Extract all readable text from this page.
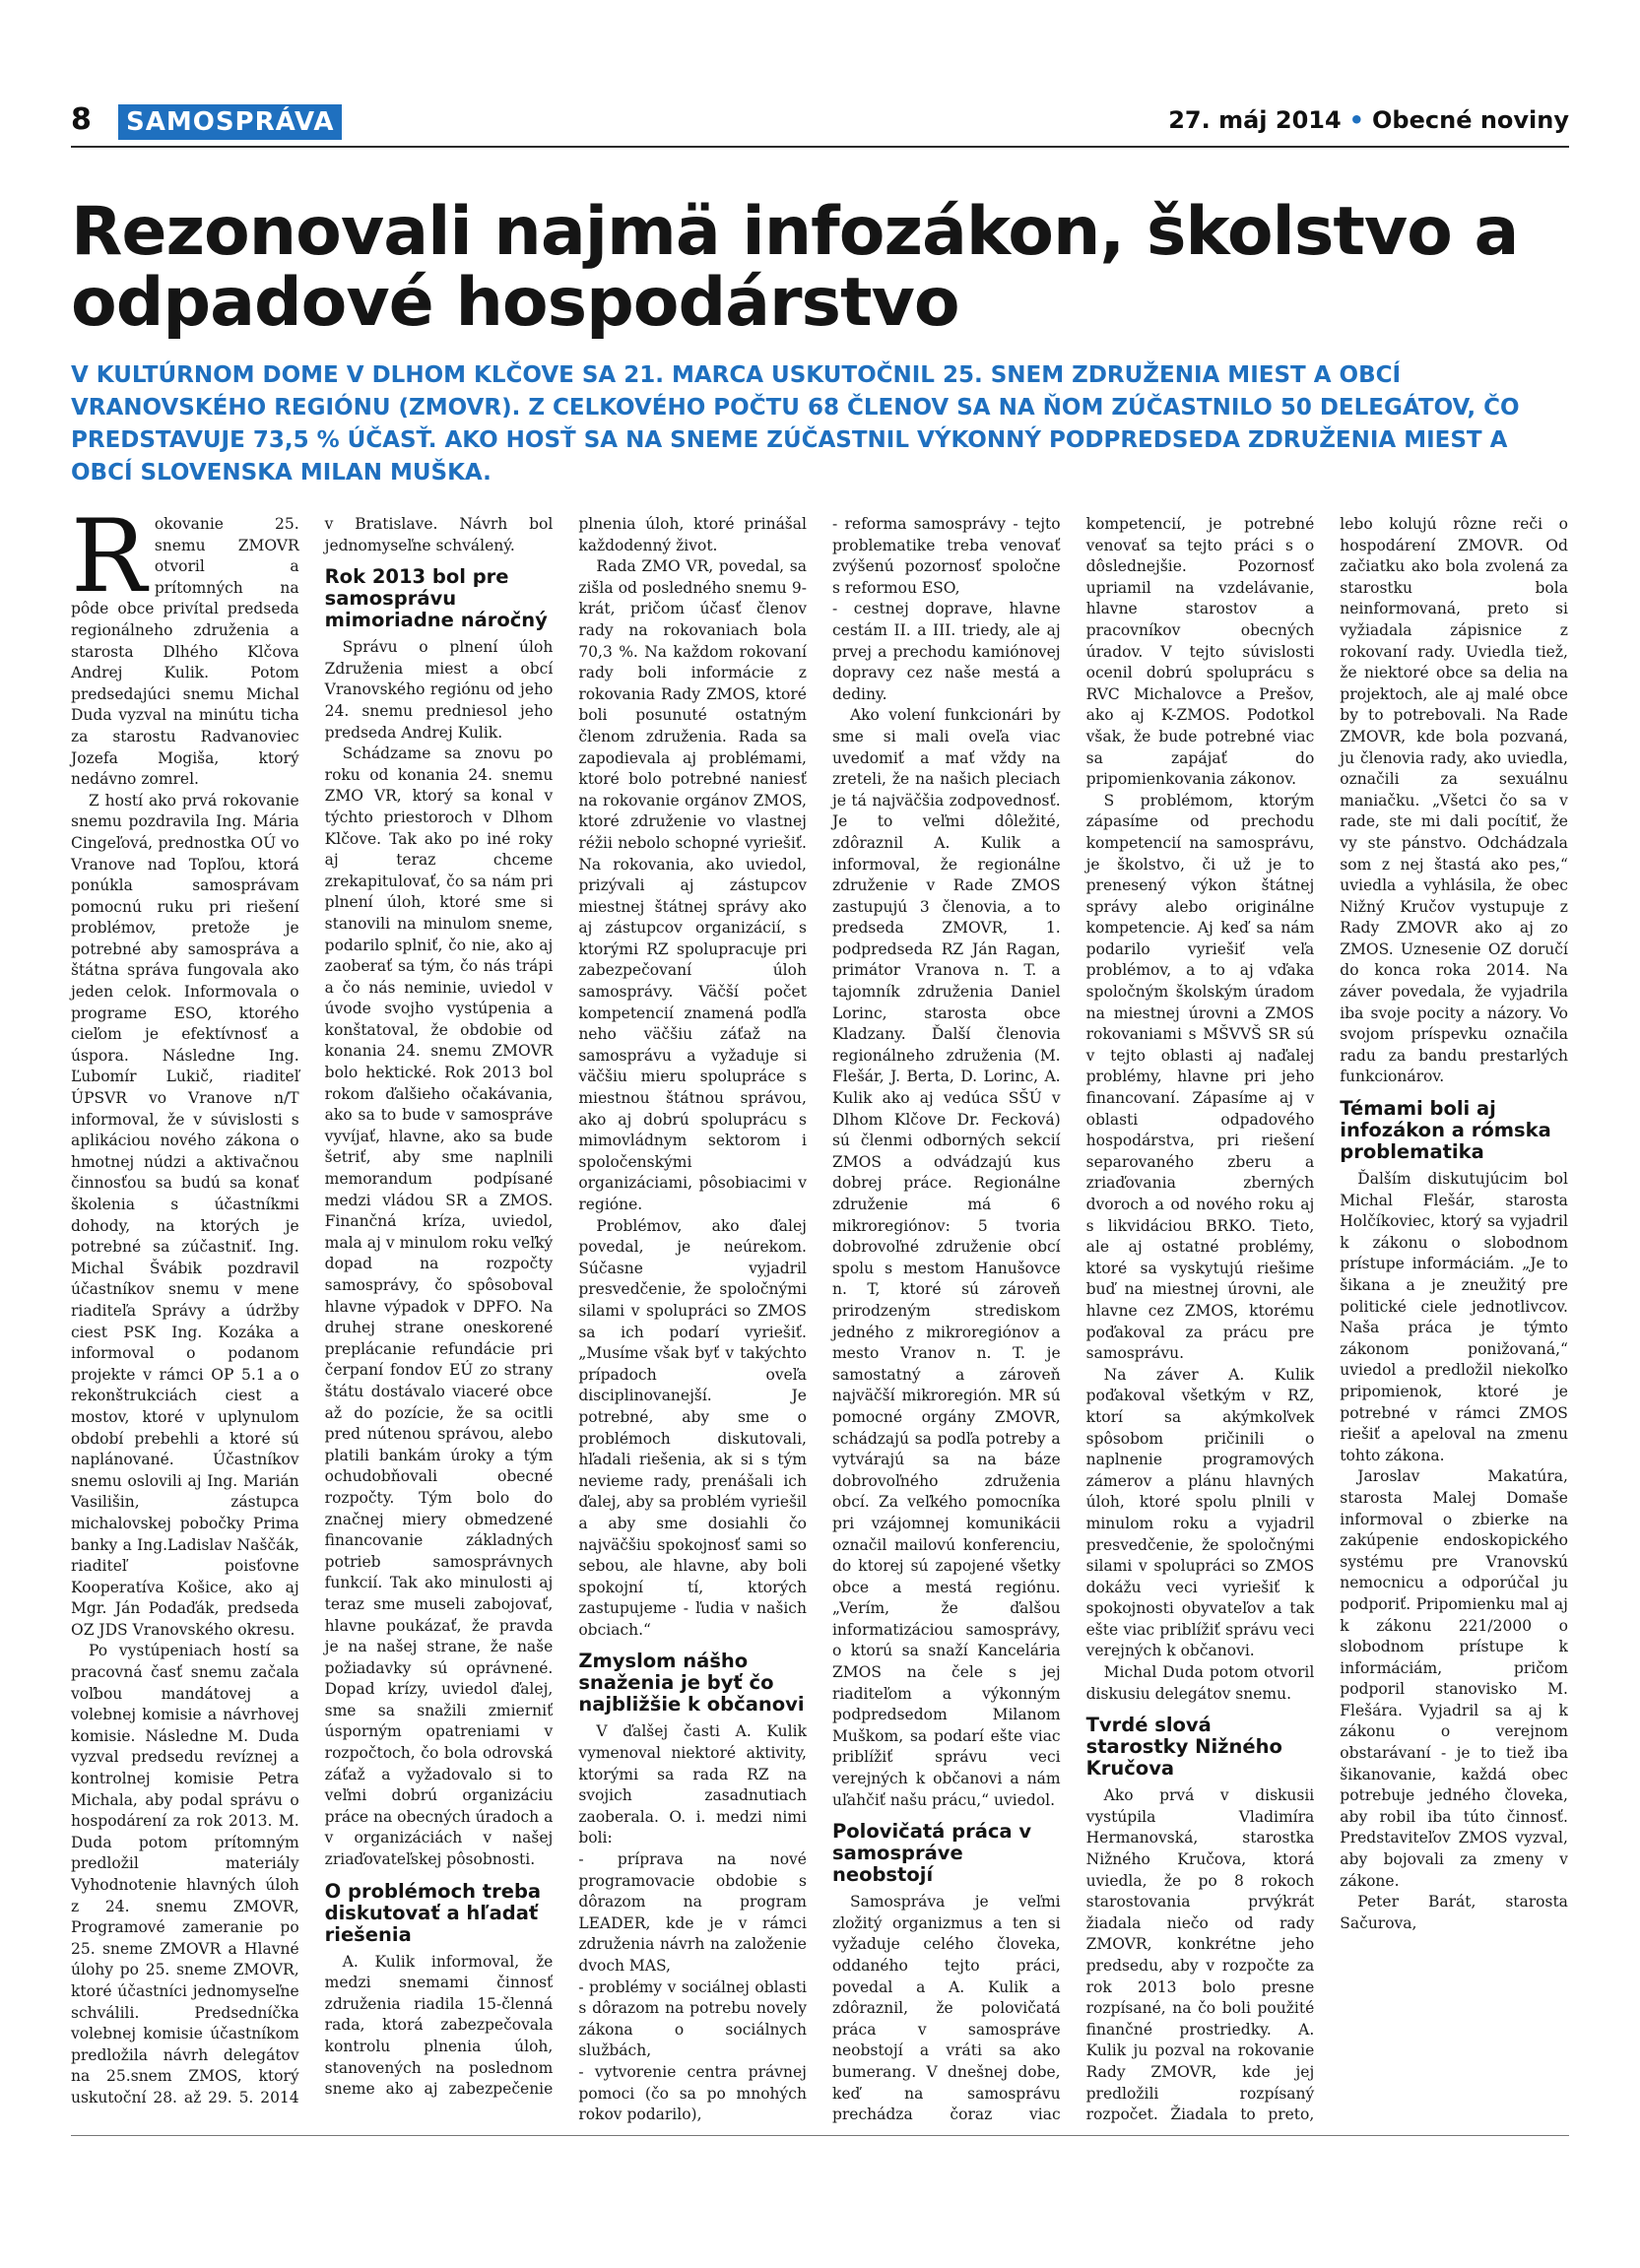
8	SAMOSPRÁVA	27. máj 2014 • Obecné noviny
Rezonovali najmä infozákon, školstvo a odpadové hospodárstvo

V KULTÚRNOM DOME V DLHOM KLČOVE SA 21. MARCA USKUTOČNIL 25. SNEM ZDRUŽENIA MIEST A OBCÍ VRANOVSKÉHO REGIÓNU (ZMOVR). Z CELKOVÉHO POČTU 68 ČLENOV SA NA ŇOM ZÚČASTNILO 50 DELEGÁTOV, ČO PREDSTAVUJE 73,5 % ÚČASŤ. AKO HOSŤ SA NA SNEME ZÚČASTNIL VÝKONNÝ PODPREDSEDA ZDRUŽENIA MIEST A OBCÍ SLOVENSKA MILAN MUŠKA.

Rokovanie 25. snemu ZMOVR otvoril a prítomných na pôde obce privítal predseda regionálneho združenia a starosta Dlhého Klčova Andrej Kulik. Potom predsedajúci snemu Michal Duda vyzval na minútu ticha za starostu Radvanoviec Jozefa Mogiša, ktorý nedávno zomrel.

Z hostí ako prvá rokovanie snemu pozdravila Ing. Mária Cingeľová, prednostka OÚ vo Vranove nad Topľou, ktorá ponúkla samosprávam pomocnú ruku pri riešení problémov, pretože je potrebné aby samospráva a štátna správa fungovala ako jeden celok. Informovala o programe ESO, ktorého cieľom je efektívnosť a úspora. Následne Ing. Ľubomír Lukič, riaditeľ ÚPSVR vo Vranove n/T informoval, že v súvislosti s aplikáciou nového zákona o hmotnej núdzi a aktivačnou činnosťou sa budú sa konať školenia s účastníkmi dohody, na ktorých je potrebné sa zúčastniť. Ing. Michal Švábik pozdravil účastníkov snemu v mene riaditeľa Správy a údržby ciest PSK Ing. Kozáka a informoval o podanom projekte v rámci OP 5.1 a o rekonštrukciách ciest a mostov, ktoré v uplynulom období prebehli a ktoré sú naplánované. Účastníkov snemu oslovili aj Ing. Marián Vasilišin, zástupca michalovskej pobočky Prima banky a Ing.Ladislav Naščák, riaditeľ poisťovne Kooperatíva Košice, ako aj Mgr. Ján Podaďák, predseda OZ JDS Vranovského okresu.

Po vystúpeniach hostí sa pracovná časť snemu začala voľbou mandátovej a volebnej komisie a návrhovej komisie. Následne M. Duda vyzval predsedu revíznej a kontrolnej komisie Petra Michala, aby podal správu o hospodárení za rok 2013. M. Duda potom prítomným predložil materiály Vyhodnotenie hlavných úloh z 24. snemu ZMOVR, Programové zameranie po 25. sneme ZMOVR a Hlavné úlohy po 25. sneme ZMOVR, ktoré účastníci jednomyseľne schválili. Predsedníčka volebnej komisie účastníkom predložila návrh delegátov na 25.snem ZMOS, ktorý uskutoční 28. až 29. 5. 2014 v Bratislave. Návrh bol jednomyseľne schválený.

Rok 2013 bol pre samosprávu mimoriadne náročný

Správu o plnení úloh Združenia miest a obcí Vranovského regiónu od jeho 24. snemu predniesol jeho predseda Andrej Kulik.

Schádzame sa znovu po roku od konania 24. snemu ZMO VR, ktorý sa konal v týchto priestoroch v Dlhom Klčove. Tak ako po iné roky aj teraz chceme zrekapitulovať, čo sa nám pri plnení úloh, ktoré sme si stanovili na minulom sneme, podarilo splniť, čo nie, ako aj zaoberať sa tým, čo nás trápi a čo nás neminie, uviedol v úvode svojho vystúpenia a konštatoval, že obdobie od konania 24. snemu ZMOVR bolo hektické. Rok 2013 bol rokom ďalšieho očakávania, ako sa to bude v samospráve vyvíjať, hlavne, ako sa bude šetriť, aby sme naplnili memorandum podpísané medzi vládou SR a ZMOS. Finančná kríza, uviedol, mala aj v minulom roku veľký dopad na rozpočty samosprávy, čo spôsoboval hlavne výpadok v DPFO. Na druhej strane oneskorené preplácanie refundácie pri čerpaní fondov EÚ zo strany štátu dostávalo viaceré obce až do pozície, že sa ocitli pred nútenou správou, alebo platili bankám úroky a tým ochudobňovali obecné rozpočty. Tým bolo do značnej miery obmedzené financovanie základných potrieb samosprávnych funkcií. Tak ako minulosti aj teraz sme museli zabojovať, hlavne poukázať, že pravda je na našej strane, že naše požiadavky sú oprávnené. Dopad krízy, uviedol ďalej, sme sa snažili zmierniť úsporným opatreniami v rozpočtoch, čo bola odrovská záťaž a vyžadovalo si to veľmi dobrú organizáciu práce na obecných úradoch a v organizáciách v našej zriaďovateľskej pôsobnosti.

O problémoch treba diskutovať a hľadať riešenia

A. Kulik informoval, že medzi snemami činnosť združenia riadila 15-členná rada, ktorá zabezpečovala kontrolu plnenia úloh, stanovených na poslednom sneme ako aj zabezpečenie plnenia úloh, ktoré prinášal každodenný život.

Rada ZMO VR, povedal, sa zišla od posledného snemu 9-krát, pričom účasť členov rady na rokovaniach bola 70,3 %. Na každom rokovaní rady boli informácie z rokovania Rady ZMOS, ktoré boli posunuté ostatným členom združenia. Rada sa zapodievala aj problémami, ktoré bolo potrebné naniesť na rokovanie orgánov ZMOS, ktoré združenie vo vlastnej réžii nebolo schopné vyriešiť. Na rokovania, ako uviedol, prizývali aj zástupcov miestnej štátnej správy ako aj zástupcov organizácií, s ktorými RZ spolupracuje pri zabezpečovaní úloh samosprávy. Väčší počet kompetencií znamená podľa neho väčšiu záťaž na samosprávu a vyžaduje si väčšiu mieru spolupráce s miestnou štátnou správou, ako aj dobrú spoluprácu s mimovládnym sektorom i spoločenskými organizáciami, pôsobiacimi v regióne.

Problémov, ako ďalej povedal, je neúrekom. Súčasne vyjadril presvedčenie, že spoločnými silami v spolupráci so ZMOS sa ich podarí vyriešiť. „Musíme však byť v takýchto prípadoch oveľa disciplinovanejší. Je potrebné, aby sme o problémoch diskutovali, hľadali riešenia, ak si s tým nevieme rady, prenášali ich ďalej, aby sa problém vyriešil a aby sme dosiahli čo najväčšiu spokojnosť sami so sebou, ale hlavne, aby boli spokojní tí, ktorých zastupujeme - ľudia v našich obciach.“

Zmyslom nášho snaženia je byť čo najbližšie k občanovi

V ďalšej časti A. Kulik vymenoval niektoré aktivity, ktorými sa rada RZ na svojich zasadnutiach zaoberala. O. i. medzi nimi boli:

- príprava na nové programovacie obdobie s dôrazom na program LEADER, kde je v rámci združenia návrh na založenie dvoch MAS,

- problémy v sociálnej oblasti s dôrazom na potrebu novely zákona o sociálnych službách,

- vytvorenie centra právnej pomoci (čo sa po mnohých rokov podarilo),

- reforma samosprávy - tejto problematike treba venovať zvýšenú pozornosť spoločne s reformou ESO,

- cestnej doprave, hlavne cestám II. a III. triedy, ale aj prvej a prechodu kamiónovej dopravy cez naše mestá a dediny.

Ako volení funkcionári by sme si mali oveľa viac uvedomiť a mať vždy na zreteli, že na našich pleciach je tá najväčšia zodpovednosť. Je to veľmi dôležité, zdôraznil A. Kulik a informoval, že regionálne združenie v Rade ZMOS zastupujú 3 členovia, a to predseda ZMOVR, 1. podpredseda RZ Ján Ragan, primátor Vranova n. T. a tajomník združenia Daniel Lorinc, starosta obce Kladzany. Ďalší členovia regionálneho združenia (M. Flešár, J. Berta, D. Lorinc, A. Kulik ako aj vedúca SŠÚ v Dlhom Klčove Dr. Fecková) sú členmi odborných sekcií ZMOS a odvádzajú kus dobrej práce. Regionálne združenie má 6 mikroregiónov: 5 tvoria dobrovoľné združenie obcí spolu s mestom Hanušovce n. T, ktoré sú zároveň prirodzeným strediskom jedného z mikroregiónov a mesto Vranov n. T. je samostatný a zároveň najväčší mikroregión. MR sú pomocné orgány ZMOVR, schádzajú sa podľa potreby a vytvárajú sa na báze dobrovoľného združenia obcí. Za veľkého pomocníka pri vzájomnej komunikácii označil mailovú konferenciu, do ktorej sú zapojené všetky obce a mestá regiónu. „Verím, že ďalšou informatizáciou samosprávy, o ktorú sa snaží Kancelária ZMOS na čele s jej riaditeľom a výkonným podpredsedom Milanom Muškom, sa podarí ešte viac priblížiť správu veci verejných k občanovi a nám uľahčiť našu prácu,“ uviedol.

Polovičatá práca v samospráve neobstojí

Samospráva je veľmi zložitý organizmus a ten si vyžaduje celého človeka, oddaného tejto práci, povedal a A. Kulik a zdôraznil, že polovičatá práca v samospráve neobstojí a vráti sa ako bumerang. V dnešnej dobe, keď na samosprávu prechádza čoraz viac kompetencií, je potrebné venovať sa tejto práci s o dôslednejšie. Pozornosť upriamil na vzdelávanie, hlavne starostov a pracovníkov obecných úradov. V tejto súvislosti ocenil dobrú spoluprácu s RVC Michalovce a Prešov, ako aj K-ZMOS. Podotkol však, že bude potrebné viac sa zapájať do pripomienkovania zákonov.

S problémom, ktorým zápasíme od prechodu kompetencií na samosprávu, je školstvo, či už je to prenesený výkon štátnej správy alebo originálne kompetencie. Aj keď sa nám podarilo vyriešiť veľa problémov, a to aj vďaka spoločným školským úradom na miestnej úrovni a ZMOS rokovaniami s MŠVVŠ SR sú v tejto oblasti aj naďalej problémy, hlavne pri jeho financovaní. Zápasíme aj v oblasti odpadového hospodárstva, pri riešení separovaného zberu a zriaďovania zberných dvoroch a od nového roku aj s likvidáciou BRKO. Tieto, ale aj ostatné problémy, ktoré sa vyskytujú riešime buď na miestnej úrovni, ale hlavne cez ZMOS, ktorému poďakoval za prácu pre samosprávu.

Na záver A. Kulik poďakoval všetkým v RZ, ktorí sa akýmkoľvek spôsobom pričinili o naplnenie programových zámerov a plánu hlavných úloh, ktoré spolu plnili v minulom roku a vyjadril presvedčenie, že spoločnými silami v spolupráci so ZMOS dokážu veci vyriešiť k spokojnosti obyvateľov a tak ešte viac priblížiť správu veci verejných k občanovi.

Michal Duda potom otvoril diskusiu delegátov snemu.

Tvrdé slová starostky Nižného Kručova

Ako prvá v diskusii vystúpila Vladimíra Hermanovská, starostka Nižného Kručova, ktorá uviedla, že po 8 rokoch starostovania prvýkrát žiadala niečo od rady ZMOVR, konkrétne jeho predsedu, aby v rozpočte za rok 2013 bolo presne rozpísané, na čo boli použité finančné prostriedky. A. Kulik ju pozval na rokovanie Rady ZMOVR, kde jej predložili rozpísaný rozpočet. Žiadala to preto, lebo kolujú rôzne reči o hospodárení ZMOVR. Od začiatku ako bola zvolená za starostku bola neinformovaná, preto si vyžiadala zápisnice z rokovaní rady. Uviedla tiež, že niektoré obce sa delia na projektoch, ale aj malé obce by to potrebovali. Na Rade ZMOVR, kde bola pozvaná, ju členovia rady, ako uviedla, označili za sexuálnu maniačku. „Všetci čo sa v rade, ste mi dali pocítiť, že vy ste pánstvo. Odchádzala som z nej štastá ako pes,“ uviedla a vyhlásila, že obec Nižný Kručov vystupuje z Rady ZMOVR ako aj zo ZMOS. Uznesenie OZ doručí do konca roka 2014. Na záver povedala, že vyjadrila iba svoje pocity a názory. Vo svojom príspevku označila radu za bandu prestarlých funkcionárov.

Témami boli aj infozákon a rómska problematika

Ďalším diskutujúcim bol Michal Flešár, starosta Holčíkoviec, ktorý sa vyjadril k zákonu o slobodnom prístupe informáciám. „Je to šikana a je zneužitý pre politické ciele jednotlivcov. Naša práca je týmto zákonom ponižovaná,“ uviedol a predložil niekoľko pripomienok, ktoré je potrebné v rámci ZMOS riešiť a apeloval na zmenu tohto zákona.

Jaroslav Makatúra, starosta Malej Domaše informoval o zbierke na zakúpenie endoskopického systému pre Vranovskú nemocnicu a odporúčal ju podporiť. Pripomienku mal aj k zákonu 221/2000 o slobodnom prístupe k informáciám, pričom podporil stanovisko M. Flešára. Vyjadril sa aj k zákonu o verejnom obstarávaní - je to tiež iba šikanovanie, každá obec potrebuje jedného človeka, aby robil iba túto činnosť. Predstaviteľov ZMOS vyzval, aby bojovali za zmeny v zákone.

Peter Barát, starosta Sačurova,
